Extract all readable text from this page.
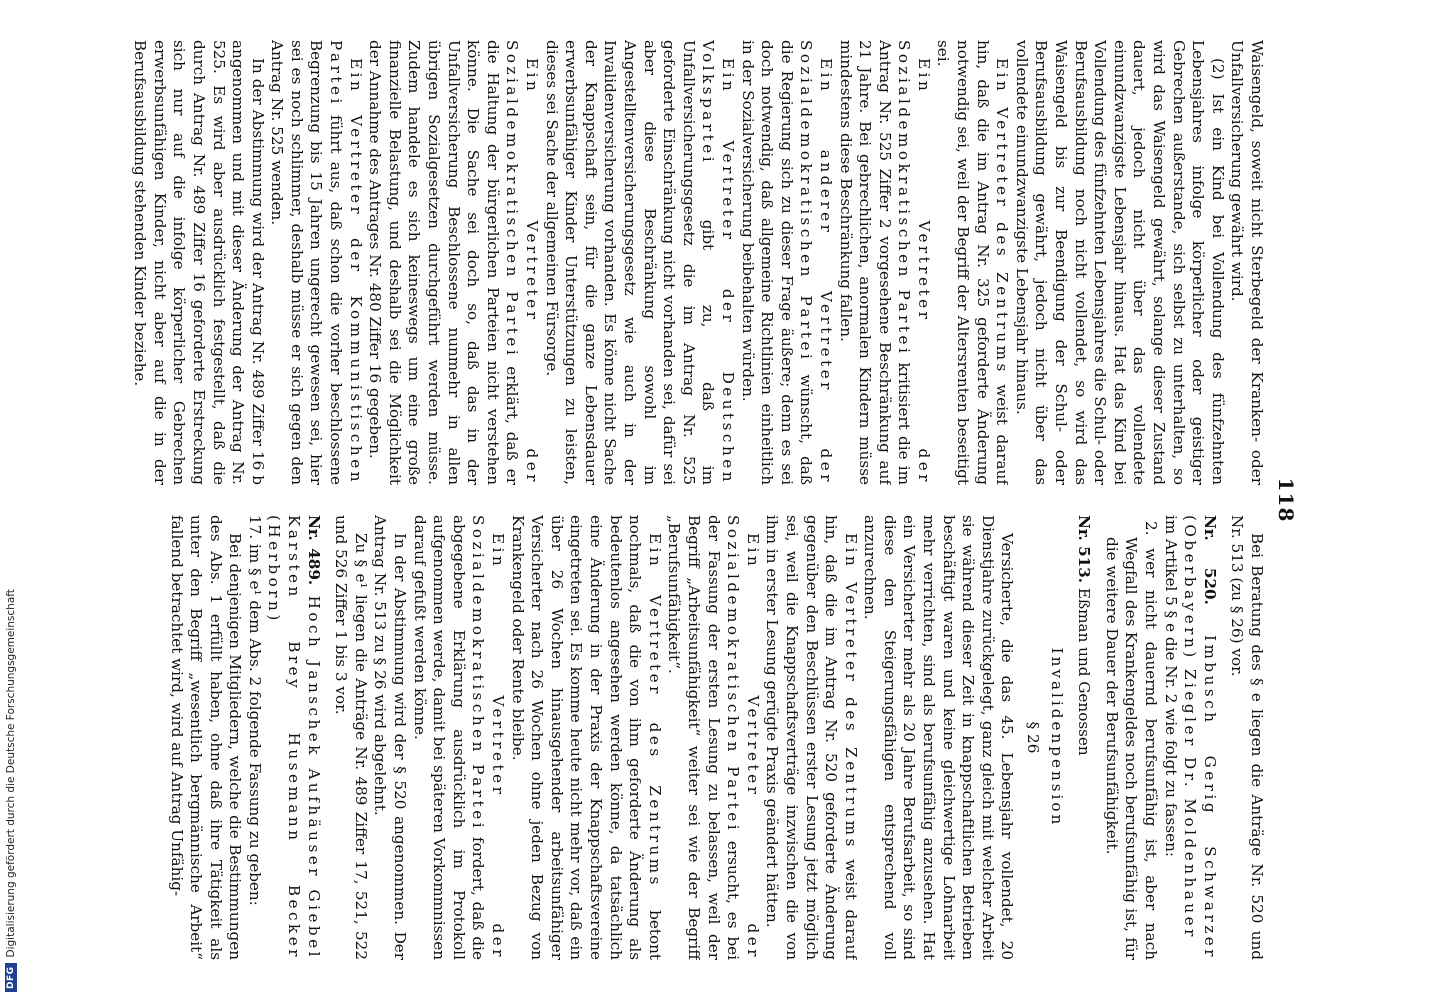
118

Waisengeld, soweit nicht Sterbegeld der Kranken- oder Unfallversicherung gewährt wird.

(2) Ist ein Kind bei Vollendung des fünfzehnten Lebensjahres infolge körperlicher oder geistiger Gebrechen außerstande, sich selbst zu unterhalten, so wird das Waisengeld gewährt, solange dieser Zustand dauert, jedoch nicht über das vollendete einundzwanzigste Lebensjahr hinaus. Hat das Kind bei Vollendung des fünfzehnten Lebensjahres die Schul- oder Berufsausbildung noch nicht vollendet, so wird das Waisengeld bis zur Beendigung der Schul- oder Berufsausbildung gewährt, jedoch nicht über das vollendete einundzwanzigste Lebensjahr hinaus.

Ein Vertreter des Zentrums weist darauf hin, daß die im Antrag Nr. 325 geforderte Änderung notwendig sei, weil der Begriff der Altersrenten beseitigt sei.

Ein Vertreter der Sozialdemokratischen Partei kritisiert die im Antrag Nr. 525 Ziffer 2 vorgesehene Beschränkung auf 21 Jahre. Bei gebrechlichen, anormalen Kindern müsse mindestens diese Beschränkung fallen.

Ein anderer Vertreter der Sozialdemokratischen Partei wünscht, daß die Regierung sich zu dieser Frage äußere; denn es sei doch notwendig, daß allgemeine Richtlinien einheitlich in der Sozialversicherung beibehalten würden.

Ein Vertreter der Deutschen Volkspartei gibt zu, daß im Unfallversicherungsgesetz die im Antrag Nr. 525 geforderte Einschränkung nicht vorhanden sei, dafür sei aber diese Beschränkung sowohl im Angestelltenversicherungsgesetz wie auch in der Invalidenversicherung vorhanden. Es könne nicht Sache der Knappschaft sein, für die ganze Lebensdauer erwerbsunfähiger Kinder Unterstützungen zu leisten, dieses sei Sache der allgemeinen Fürsorge.

Ein Vertreter der Sozialdemokratischen Partei erklärt, daß er die Haltung der bürgerlichen Parteien nicht verstehen könne. Die Sache sei doch so, daß das in der Unfallversicherung Beschlossene nunmehr in allen übrigen Sozialgesetzen durchgeführt werden müsse. Zudem handele es sich keineswegs um eine große finanzielle Belastung, und deshalb sei die Möglichkeit der Annahme des Antrages Nr. 480 Ziffer 16 gegeben.

Ein Vertreter der Kommunistischen Partei führt aus, daß schon die vorher beschlossene Begrenzung bis 15 Jahren ungerecht gewesen sei, hier sei es noch schlimmer, deshalb müsse er sich gegen den Antrag Nr. 525 wenden.

In der Abstimmung wird der Antrag Nr. 489 Ziffer 16 b angenommen und mit dieser Änderung der Antrag Nr. 525. Es wird aber ausdrücklich festgestellt, daß die durch Antrag Nr. 489 Ziffer 16 geforderte Erstreckung sich nur auf die infolge körperlicher Gebrechen erwerbsunfähigen Kinder, nicht aber auf die in der Berufsausbildung stehenden Kinder beziehe.

Bei Beratung des § e liegen die Anträge Nr. 520 und Nr. 513 (zu § 26) vor.

Nr. 520. Imbusch Gerig Schwarzer (Oberbayern) Ziegler Dr. Moldenhauer

im Artikel 5 § e die Nr. 2 wie folgt zu fassen:

2. wer nicht dauernd berufsunfähig ist, aber nach Wegfall des Krankengeldes noch berufsunfähig ist, für die weitere Dauer der Berufsunfähigkeit.

Nr. 513. Eßman und Genossen

Invalidenpension

§ 26

Versicherte, die das 45. Lebensjahr vollendet, 20 Dienstjahre zurückgelegt, ganz gleich mit welcher Arbeit sie während dieser Zeit in knappschaftlichen Betrieben beschäftigt waren und keine gleichwertige Lohnarbeit mehr verrichten, sind als berufsunfähig anzusehen. Hat ein Versicherter mehr als 20 Jahre Berufsarbeit, so sind diese den Steigerungsfähigen entsprechend voll anzurechnen.

Ein Vertreter des Zentrums weist darauf hin, daß die im Antrag Nr. 520 geforderte Änderung gegenüber den Beschlüssen erster Lesung jetzt möglich sei, weil die Knappschaftsverträge inzwischen die von ihm in erster Lesung gerügte Praxis geändert hätten.

Ein Vertreter der Sozialdemokratischen Partei ersucht, es bei der Fassung der ersten Lesung zu belassen, weil der Begriff „Arbeitsunfähigkeit“ weiter sei wie der Begriff „Berufsunfähigkeit“.

Ein Vertreter des Zentrums betont nochmals, daß die von ihm geforderte Änderung als bedeutenlos angesehen werden könne, da tatsächlich eine Änderung in der Praxis der Knappschaftsvereine eingetreten sei. Es komme heute nicht mehr vor, daß ein über 26 Wochen hinausgehender arbeitsunfähiger Versicherter nach 26 Wochen ohne jeden Bezug von Krankengeld oder Rente bleibe.

Ein Vertreter der Sozialdemokratischen Partei fordert, daß die abgegebene Erklärung ausdrücklich im Protokoll aufgenommen werde, damit bei späteren Vorkommnissen darauf gefußt werden könne.

In der Abstimmung wird der § 520 angenommen. Der Antrag Nr. 513 zu § 26 wird abgelehnt.

Zu § e¹ liegen die Anträge Nr. 489 Ziffer 17, 521, 522 und 526 Ziffer 1 bis 3 vor.

Nr. 489. Hoch Janschek Aufhäuser Giebel Karsten Brey Husemann Becker (Herborn)

17. im § e¹ dem Abs. 2 folgende Fassung zu geben:

Bei denjenigen Mitgliedern, welche die Bestimmungen des Abs. 1 erfüllt haben, ohne daß ihre Tätigkeit als unter den Begriff „wesentlich bergmännische Arbeit“ fallend betrachtet wird, wird auf Antrag Unfähig-

DFG
Digitalisierung gefördert durch die Deutsche Forschungsgemeinschaft
